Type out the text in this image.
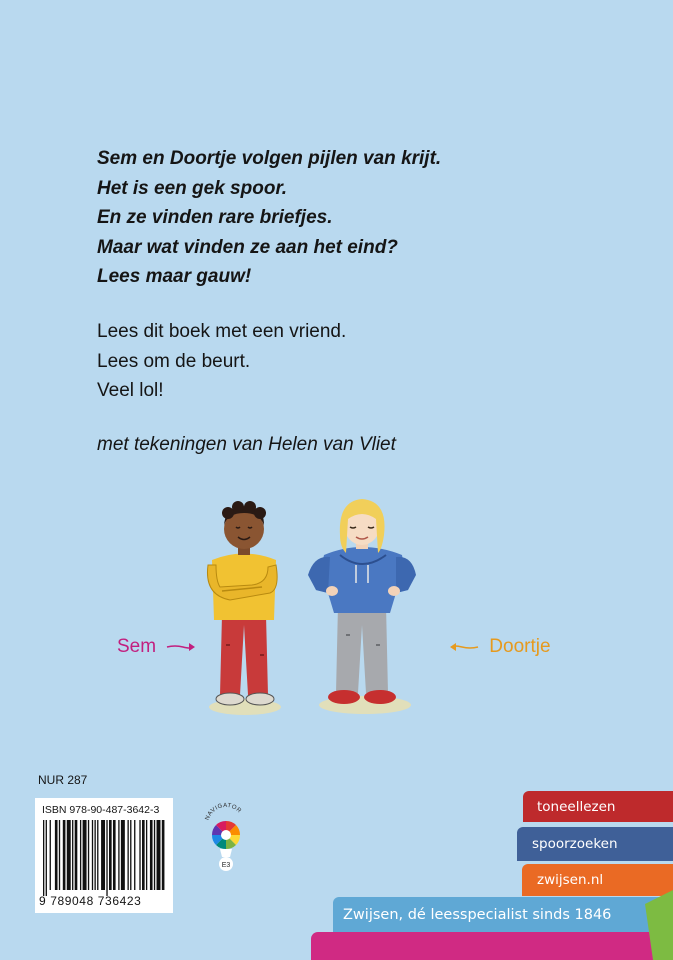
Sem en Doortje volgen pijlen van krijt.
Het is een gek spoor.
En ze vinden rare briefjes.
Maar wat vinden ze aan het eind?
Lees maar gauw!
Lees dit boek met een vriend.
Lees om de beurt.
Veel lol!
met tekeningen van Helen van Vliet
Sem	Doortje
NUR 287
ISBN 978-90-487-3642-3
9 789048 736423
NAVIGATOR
E3
toneellezen
spoorzoeken
zwijsen.nl
Zwijsen, dé leesspecialist sinds 1846
